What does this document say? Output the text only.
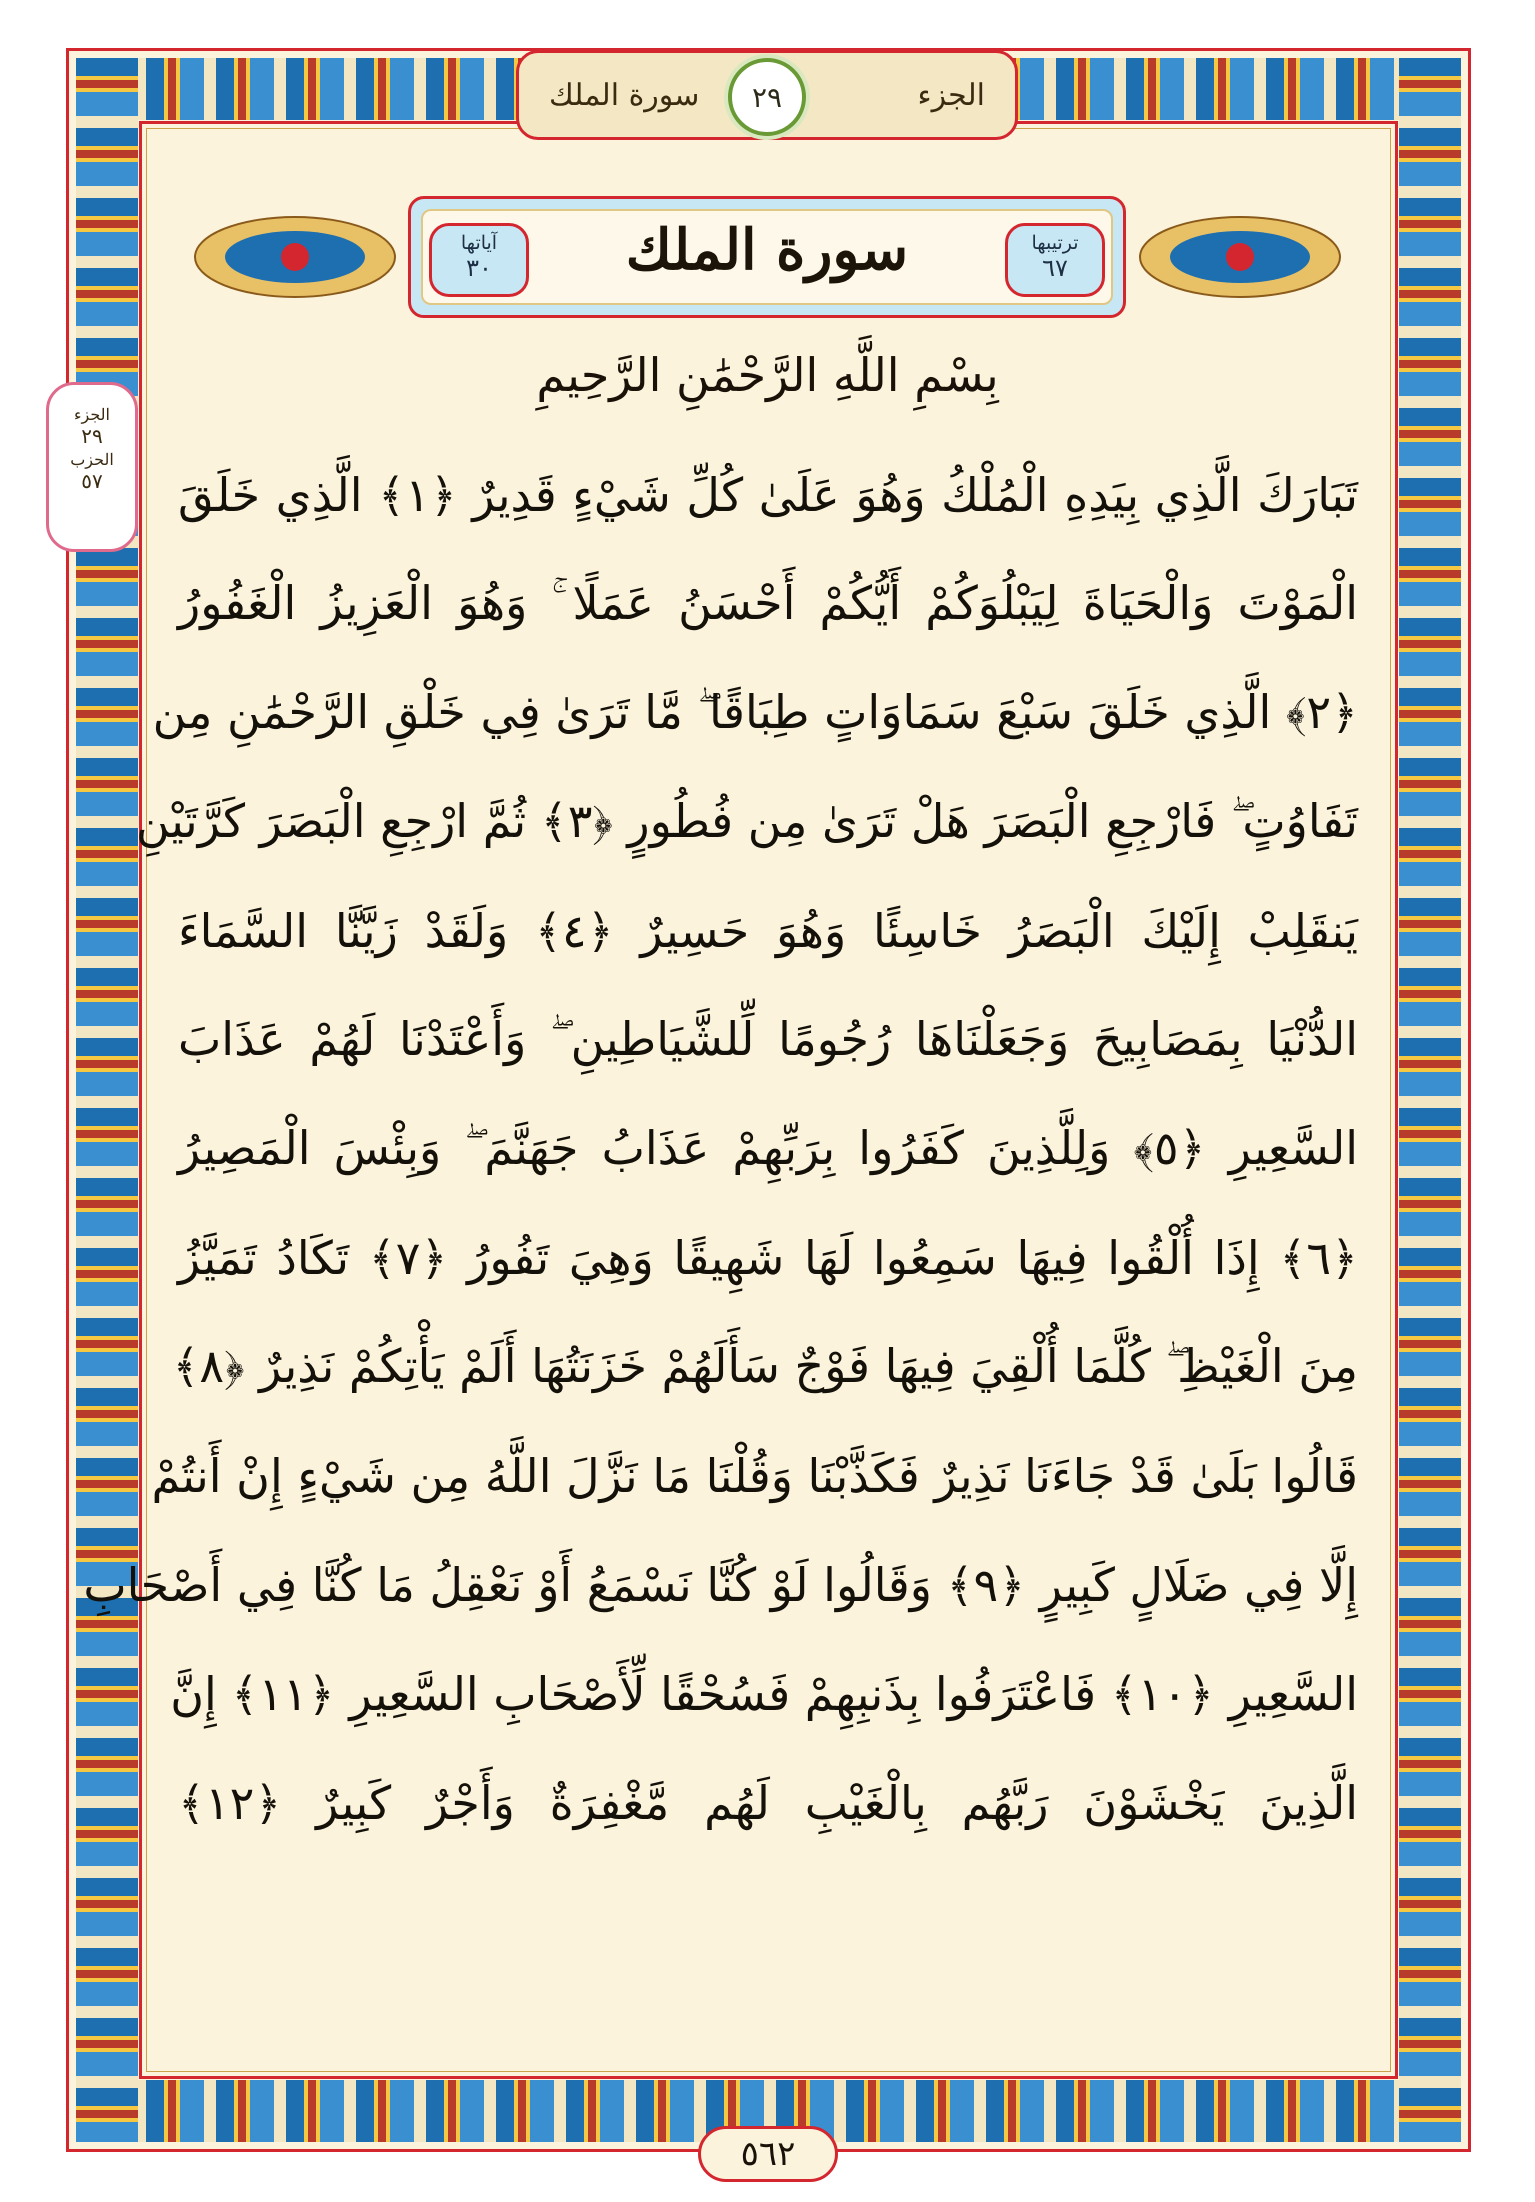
الجزء
سورة الملك	٢٩
سورة الملك
آياتها
٣٠
ترتيبها
٦٧
الجزء
٢٩
الحزب
٥٧
بِسْمِ اللَّهِ الرَّحْمَٰنِ الرَّحِيمِ
تَبَارَكَ الَّذِي بِيَدِهِ الْمُلْكُ وَهُوَ عَلَىٰ كُلِّ شَيْءٍ قَدِيرٌ ﴿١﴾ الَّذِي خَلَقَ
الْمَوْتَ وَالْحَيَاةَ لِيَبْلُوَكُمْ أَيُّكُمْ أَحْسَنُ عَمَلًا ۚ وَهُوَ الْعَزِيزُ الْغَفُورُ
﴿٢﴾ الَّذِي خَلَقَ سَبْعَ سَمَاوَاتٍ طِبَاقًا ۖ مَّا تَرَىٰ فِي خَلْقِ الرَّحْمَٰنِ مِن
تَفَاوُتٍ ۖ فَارْجِعِ الْبَصَرَ هَلْ تَرَىٰ مِن فُطُورٍ ﴿٣﴾ ثُمَّ ارْجِعِ الْبَصَرَ كَرَّتَيْنِ
يَنقَلِبْ إِلَيْكَ الْبَصَرُ خَاسِئًا وَهُوَ حَسِيرٌ ﴿٤﴾ وَلَقَدْ زَيَّنَّا السَّمَاءَ
الدُّنْيَا بِمَصَابِيحَ وَجَعَلْنَاهَا رُجُومًا لِّلشَّيَاطِينِ ۖ وَأَعْتَدْنَا لَهُمْ عَذَابَ
السَّعِيرِ ﴿٥﴾ وَلِلَّذِينَ كَفَرُوا بِرَبِّهِمْ عَذَابُ جَهَنَّمَ ۖ وَبِئْسَ الْمَصِيرُ
﴿٦﴾ إِذَا أُلْقُوا فِيهَا سَمِعُوا لَهَا شَهِيقًا وَهِيَ تَفُورُ ﴿٧﴾ تَكَادُ تَمَيَّزُ
مِنَ الْغَيْظِ ۖ كُلَّمَا أُلْقِيَ فِيهَا فَوْجٌ سَأَلَهُمْ خَزَنَتُهَا أَلَمْ يَأْتِكُمْ نَذِيرٌ ﴿٨﴾
قَالُوا بَلَىٰ قَدْ جَاءَنَا نَذِيرٌ فَكَذَّبْنَا وَقُلْنَا مَا نَزَّلَ اللَّهُ مِن شَيْءٍ إِنْ أَنتُمْ
إِلَّا فِي ضَلَالٍ كَبِيرٍ ﴿٩﴾ وَقَالُوا لَوْ كُنَّا نَسْمَعُ أَوْ نَعْقِلُ مَا كُنَّا فِي أَصْحَابِ
السَّعِيرِ ﴿١٠﴾ فَاعْتَرَفُوا بِذَنبِهِمْ فَسُحْقًا لِّأَصْحَابِ السَّعِيرِ ﴿١١﴾ إِنَّ
الَّذِينَ يَخْشَوْنَ رَبَّهُم بِالْغَيْبِ لَهُم مَّغْفِرَةٌ وَأَجْرٌ كَبِيرٌ ﴿١٢﴾
٥٦٢
